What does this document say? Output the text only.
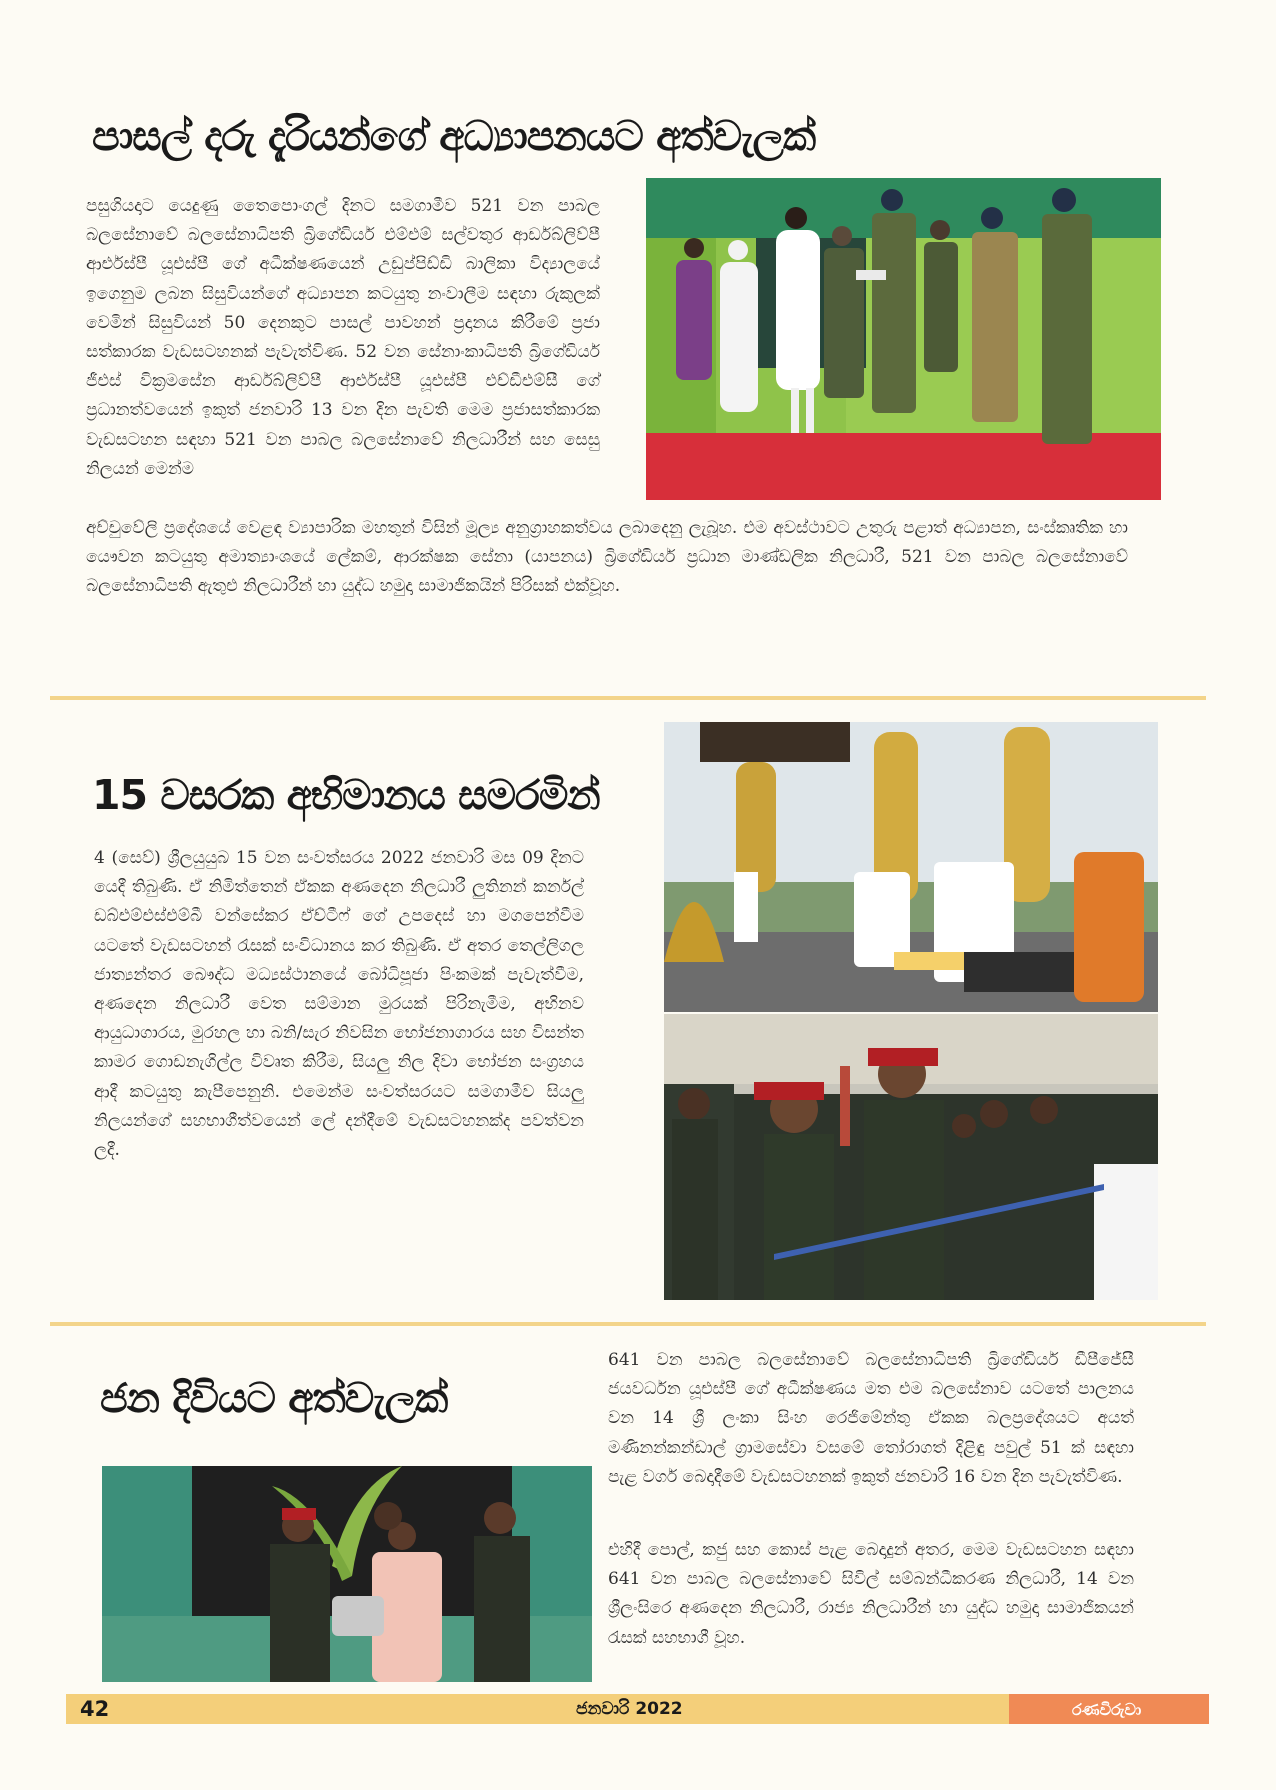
පාසල් දරු දැරියන්ගේ අධ්‍යාපනයට අත්වැලක්

පසුගියදාට යෙදුණු තෛපොංගල් දිනට සමගාමීව 521 වන පාබල බලසේනාවේ බලසේනාධිපති බ්‍රිගේඩියර් එම්එම් සල්වතුර ආර්ඩබ්ලිව්පී ආර්එස්පී යූඑස්පී ගේ අධීක්ෂණයෙන් උඩුප්පිඩ්ඩි බාලිකා විද්‍යාලයේ ඉගෙනුම ලබන සිසුවියන්ගේ අධ්‍යාපන කටයුතු නංවාලීම සඳහා රුකුලක් වෙමින් සිසුවියන් 50 දෙනකුට පාසල් පාවහන් ප්‍රදානය කිරීමේ ප්‍රජා සත්කාරක වැඩසටහනක් පැවැත්විණ. 52 වන සේනාංකාධිපති බ්‍රිගේඩියර් ජීඑස් වික්‍රමසේන ආර්ඩබ්ලිව්පී ආර්එස්පී යූඑස්පී එච්ඩීඑම්සී ගේ ප්‍රධානත්වයෙන් ඉකුත් ජනවාරි 13 වන දින පැවති මෙම ප්‍රජාසත්කාරක වැඩසටහන සඳහා 521 වන පාබල බලසේනාවේ නිලධාරීන් සහ සෙසු නිලයන් මෙන්ම

අච්චුවේලි ප්‍රදේශයේ වෙළඳ ව්‍යාපාරික මහතුන් විසින් මූල්‍ය අනුග්‍රාහකත්වය ලබාදෙනු ලැබූහ. එම අවස්ථාවට උතුරු පළාත් අධ්‍යාපන, සංස්කෘතික හා යෞවන කටයුතු අමාත්‍යාංශයේ ලේකම්, ආරක්ෂක සේනා (යාපනය) බ්‍රිගේඩියර් ප්‍රධාන මාණ්ඩලික නිලධාරී, 521 වන පාබල බලසේනාවේ බලසේනාධිපති ඇතුළු නිලධාරීන් හා යුද්ධ හමුදා සාමාජිකයින් පිරිසක් එක්වූහ.

15 වසරක අභිමානය සමරමින්

4 (සෙව්) ශ්‍රීලයුයුබ 15 වන සංවත්සරය 2022 ජනවාරි මස 09 දිනට යෙදී තිබුණි. ඒ නිමිත්තෙන් ඒකක අණදෙන නිලධාරී ලුතිනන් කර්නල් ඩබ්එම්එස්එම්බී වන්සේකර ඒච්ටීෆ් ගේ උපදෙස් හා මගපෙන්වීම යටතේ වැඩසටහන් රැසක් සංවිධානය කර තිබුණි. ඒ අතර තෙල්ලිගල ජාත්‍යන්තර බෞද්ධ මධ්‍යස්ථානයේ බෝධිපූජා පිංකමක් පැවැත්වීම, අණදෙන නිලධාරී වෙත සම්මාන මුරයක් පිරිනැමීම, අභිනව ආයුධාගාරය, මුරහල හා බනි/සැර නිවසින භෝජනාගාරය සහ විසන්ත කාමර ගොඩනැගිල්ල විවෘත කිරීම, සියලු නිල දිවා භෝජන සංග්‍රහය ආදී කටයුතු කැපීපෙනුනි. එමෙන්ම සංවත්සරයට සමගාමීව සියලු නිලයන්ගේ සහභාගීත්වයෙන් ලේ දන්දීමේ වැඩසටහනක්ද පවත්වන ලදී.

ජන දිවියට අත්වැලක්

641 වන පාබල බලසේනාවේ බලසේනාධිපති බ්‍රිගේඩියර් ඩීපීජේසී ජයවර්ධන යූඑස්පී ගේ අධීක්ෂණය මත එම බලසේනාව යටතේ පාලනය වන 14 ශ්‍රී ලංකා සිංහ රෙජිමේන්තු ඒකක බලප්‍රදේශයට අයත් මණිනන්කන්ඩාල් ග්‍රාමසේවා වසමේ තෝරාගත් දිළිඳු පවුල් 51 ක් සඳහා පැළ වර්ග බෙදාදීමේ වැඩසටහනක් ඉකුත් ජනවාරි 16 වන දින පැවැත්විණ.

එහිදී පොල්, කජු සහ කොස් පැළ බෙදාදුන් අතර, මෙම වැඩසටහන සඳහා 641 වන පාබල බලසේනාවේ සිවිල් සම්බන්ධීකරණ නිලධාරී, 14 වන ශ්‍රීලංසිරෙ අණදෙන නිලධාරී, රාජ්‍ය නිලධාරීන් හා යුද්ධ හමුදා සාමාජිකයන් රැසක් සහභාගී වූහ.

42	ජනවාරි 2022	රණවිරුවා
